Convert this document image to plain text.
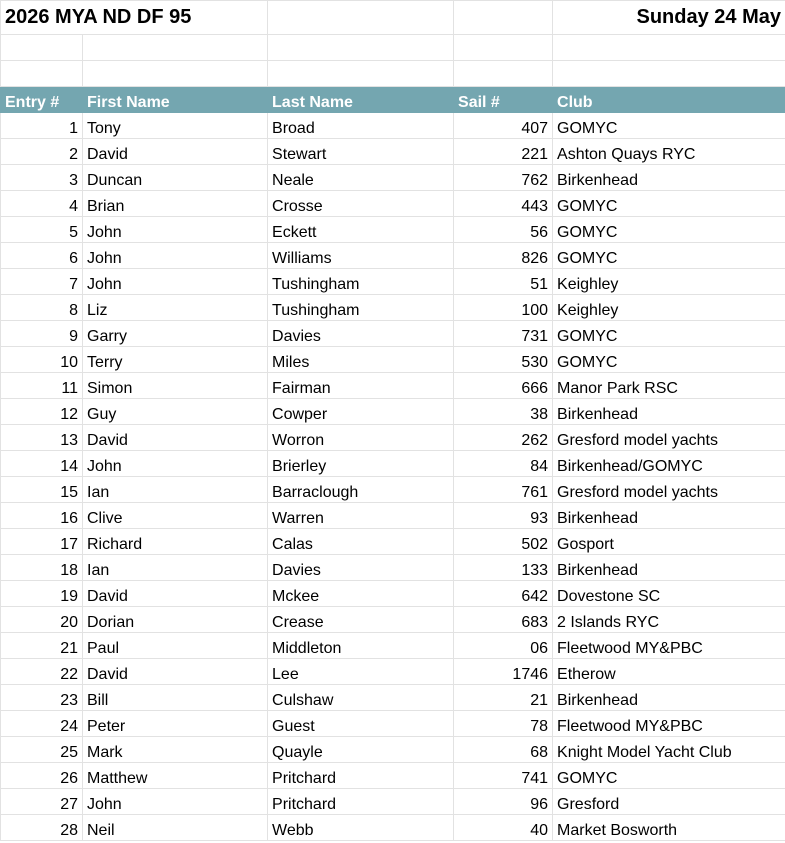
2026 MYA ND DF 95				Sunday 24 May

Entry #	First Name	Last Name	Sail #	Club
1	Tony	Broad	407	GOMYC
2	David	Stewart	221	Ashton Quays RYC
3	Duncan	Neale	762	Birkenhead
4	Brian	Crosse	443	GOMYC
5	John	Eckett	56	GOMYC
6	John	Williams	826	GOMYC
7	John	Tushingham	51	Keighley
8	Liz	Tushingham	100	Keighley
9	Garry	Davies	731	GOMYC
10	Terry	Miles	530	GOMYC
11	Simon	Fairman	666	Manor Park RSC
12	Guy	Cowper	38	Birkenhead
13	David	Worron	262	Gresford model yachts
14	John	Brierley	84	Birkenhead/GOMYC
15	Ian	Barraclough	761	Gresford model yachts
16	Clive	Warren	93	Birkenhead
17	Richard	Calas	502	Gosport
18	Ian	Davies	133	Birkenhead
19	David	Mckee	642	Dovestone SC
20	Dorian	Crease	683	2 Islands RYC
21	Paul	Middleton	06	Fleetwood MY&PBC
22	David	Lee	1746	Etherow
23	Bill	Culshaw	21	Birkenhead
24	Peter	Guest	78	Fleetwood MY&PBC
25	Mark	Quayle	68	Knight Model Yacht Club
26	Matthew	Pritchard	741	GOMYC
27	John	Pritchard	96	Gresford
28	Neil	Webb	40	Market Bosworth
